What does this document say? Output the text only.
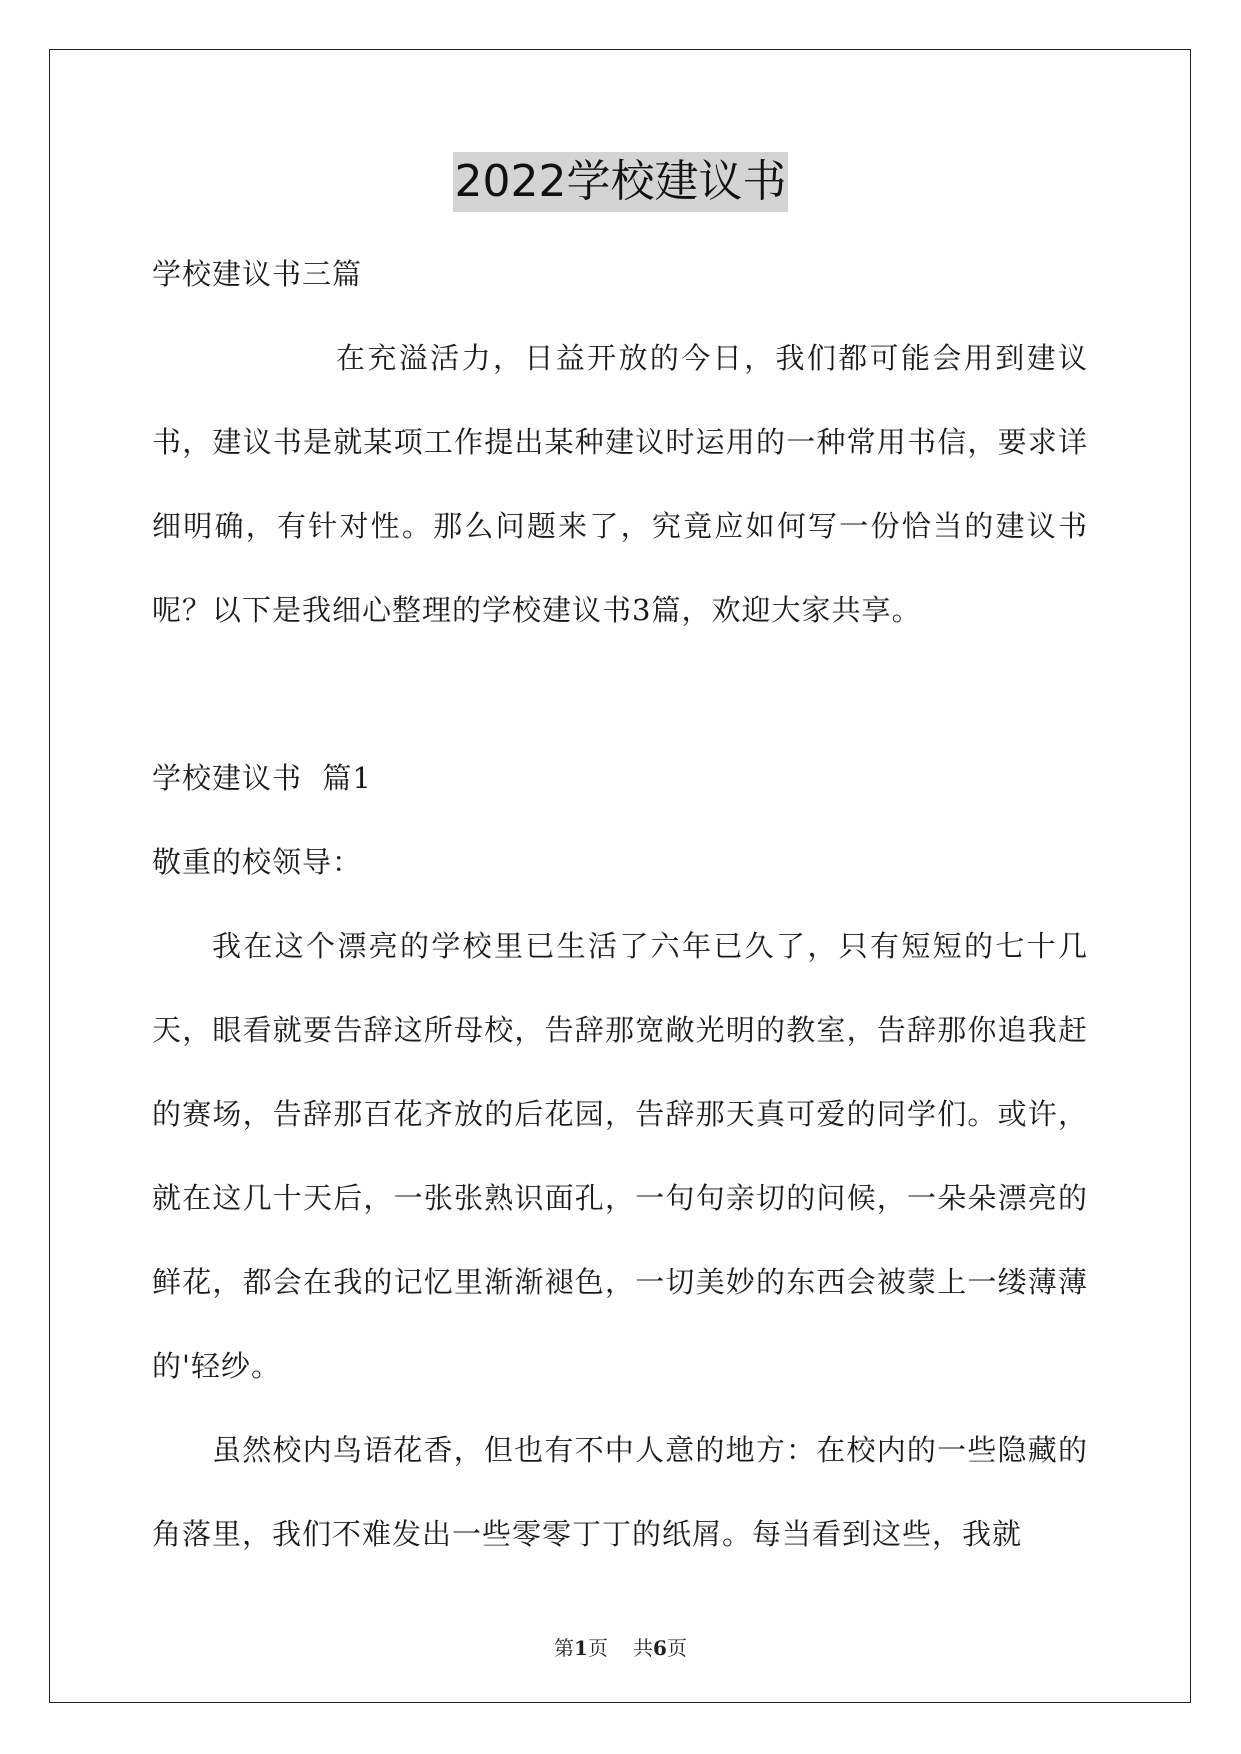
2022学校建议书

学校建议书三篇

在充溢活力，日益开放的今日，我们都可能会用到建议书，建议书是就某项工作提出某种建议时运用的一种常用书信，要求详细明确，有针对性。那么问题来了，究竟应如何写一份恰当的建议书呢？以下是我细心整理的学校建议书3篇，欢迎大家共享。

学校建议书  篇1

敬重的校领导：

我在这个漂亮的学校里已生活了六年已久了，只有短短的七十几天，眼看就要告辞这所母校，告辞那宽敞光明的教室，告辞那你追我赶的赛场，告辞那百花齐放的后花园，告辞那天真可爱的同学们。或许，就在这几十天后，一张张熟识面孔，一句句亲切的问候，一朵朵漂亮的鲜花，都会在我的记忆里渐渐褪色，一切美妙的东西会被蒙上一缕薄薄的'轻纱。

虽然校内鸟语花香，但也有不中人意的地方：在校内的一些隐藏的角落里，我们不难发出一些零零丁丁的纸屑。每当看到这些，我就

第1页 共6页
